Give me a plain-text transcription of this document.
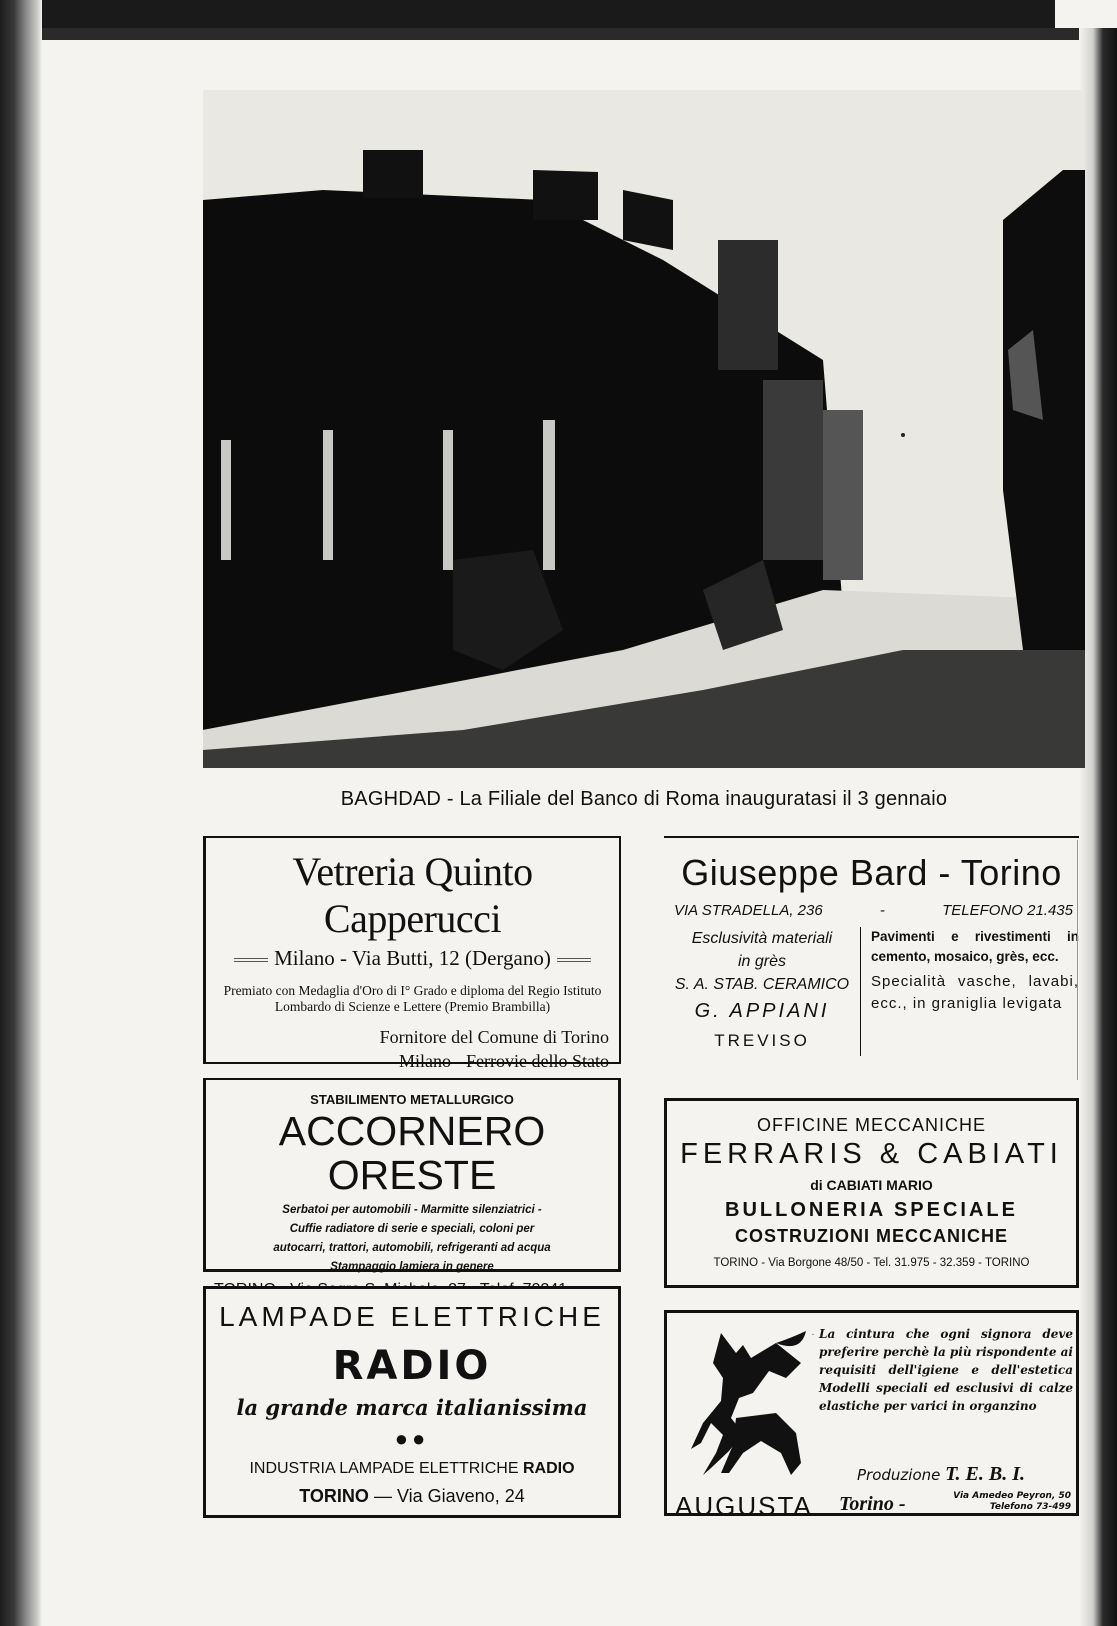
BAGHDAD - La Filiale del Banco di Roma inauguratasi il 3 gennaio
Vetreria Quinto Capperucci
Milano - Via Butti, 12 (Dergano)
Premiato con Medaglia d'Oro di I° Grado e diploma del Regio Istituto Lombardo di Scienze e Lettere (Premio Brambilla)
Fornitore del Comune di Torino
Milano - Ferrovie dello Stato
Giuseppe Bard - Torino
VIA STRADELLA, 236	-	TELEFONO 21.435
Esclusività materiali
in grès
S. A. STAB. CERAMICO
G. APPIANI
TREVISO
Pavimenti e rivestimenti in cemento, mosaico, grès, ecc.
Specialità vasche, lavabi, ecc., in graniglia levigata
STABILIMENTO METALLURGICO
ACCORNERO ORESTE
Serbatoi per automobili - Marmitte silenziatrici -
Cuffie radiatore di serie e speciali, coloni per
autocarri, trattori, automobili, refrigeranti ad acqua
Stampaggio lamiera in genere
OFFICINE MECCANICHE
FERRARIS & CABIATI
di CABIATI MARIO
BULLONERIA SPECIALE
COSTRUZIONI MECCANICHE
TORINO - Via Borgone 48/50 - Tel. 31.975 - 32.359 - TORINO
LAMPADE ELETTRICHE
RADIO
la grande marca italianissima
●●
INDUSTRIA LAMPADE ELETTRICHE RADIO
TORINO — Via Giaveno, 24
· La cintura che ogni signora deve preferire perchè la più rispondente ai requisiti dell'igiene e dell'estetica Modelli speciali ed esclusivi di calze elastiche per varici in organzino
Produzione T. E. B. I.
AUGUSTA Torino -	Via Amedeo Peyron, 50
Telefono 73-499
